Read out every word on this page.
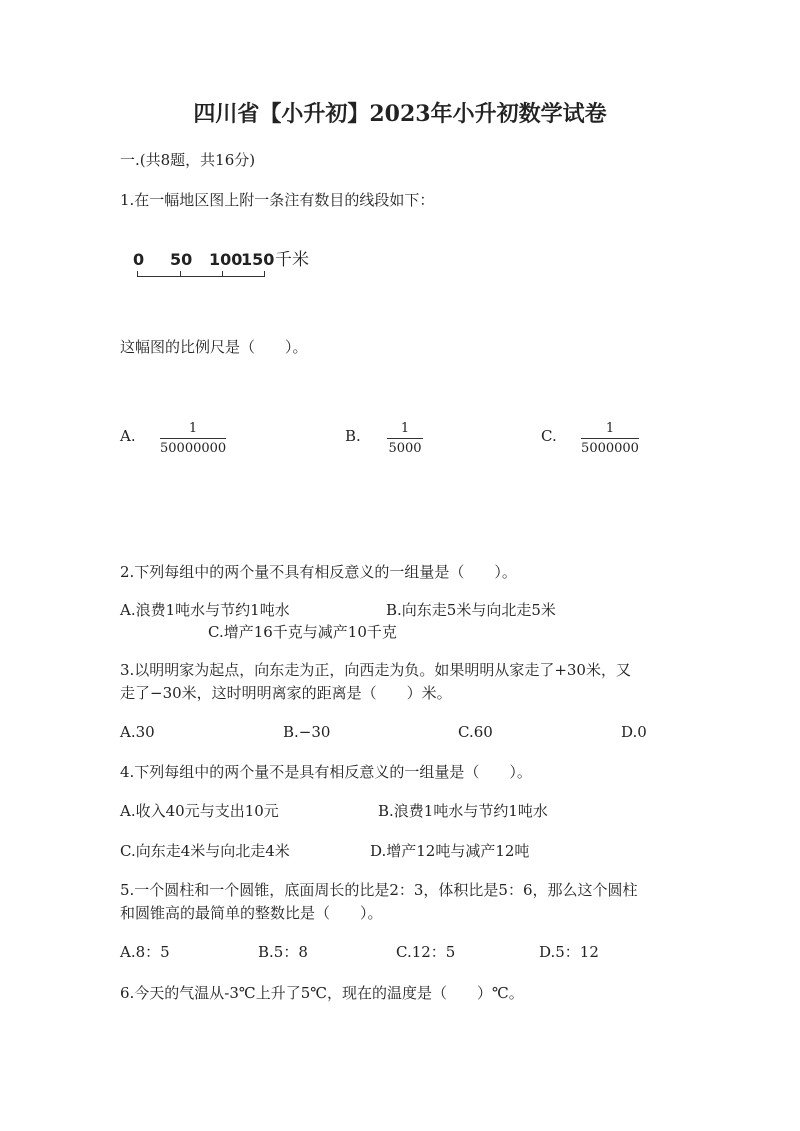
四川省【小升初】2023年小升初数学试卷
一.(共8题，共16分)
1.在一幅地区图上附一条注有数目的线段如下：
0 50 100
150 千米
这幅图的比例尺是（　　）。
A. $\frac{1}{50000000}$	B. $\frac{1}{5000}$	C. $\frac{1}{5000000}$
2.下列每组中的两个量不具有相反意义的一组量是（　　）。
A.浪费1吨水与节约1吨水	B.向东走5米与向北走5米
C.增产16千克与减产10千克
3.以明明家为起点，向东走为正，向西走为负。如果明明从家走了+30米，又
走了−30米，这时明明离家的距离是（　　）米。
A.30	B.−30	C.60	D.0
4.下列每组中的两个量不是具有相反意义的一组量是（　　）。
A.收入40元与支出10元	B.浪费1吨水与节约1吨水
C.向东走4米与向北走4米	D.增产12吨与减产12吨
5.一个圆柱和一个圆锥，底面周长的比是2：3，体积比是5：6，那么这个圆柱
和圆锥高的最简单的整数比是（　　）。
A.8：5	B.5：8	C.12：5	D.5：12
6.今天的气温从-3℃上升了5℃，现在的温度是（　　）℃。
